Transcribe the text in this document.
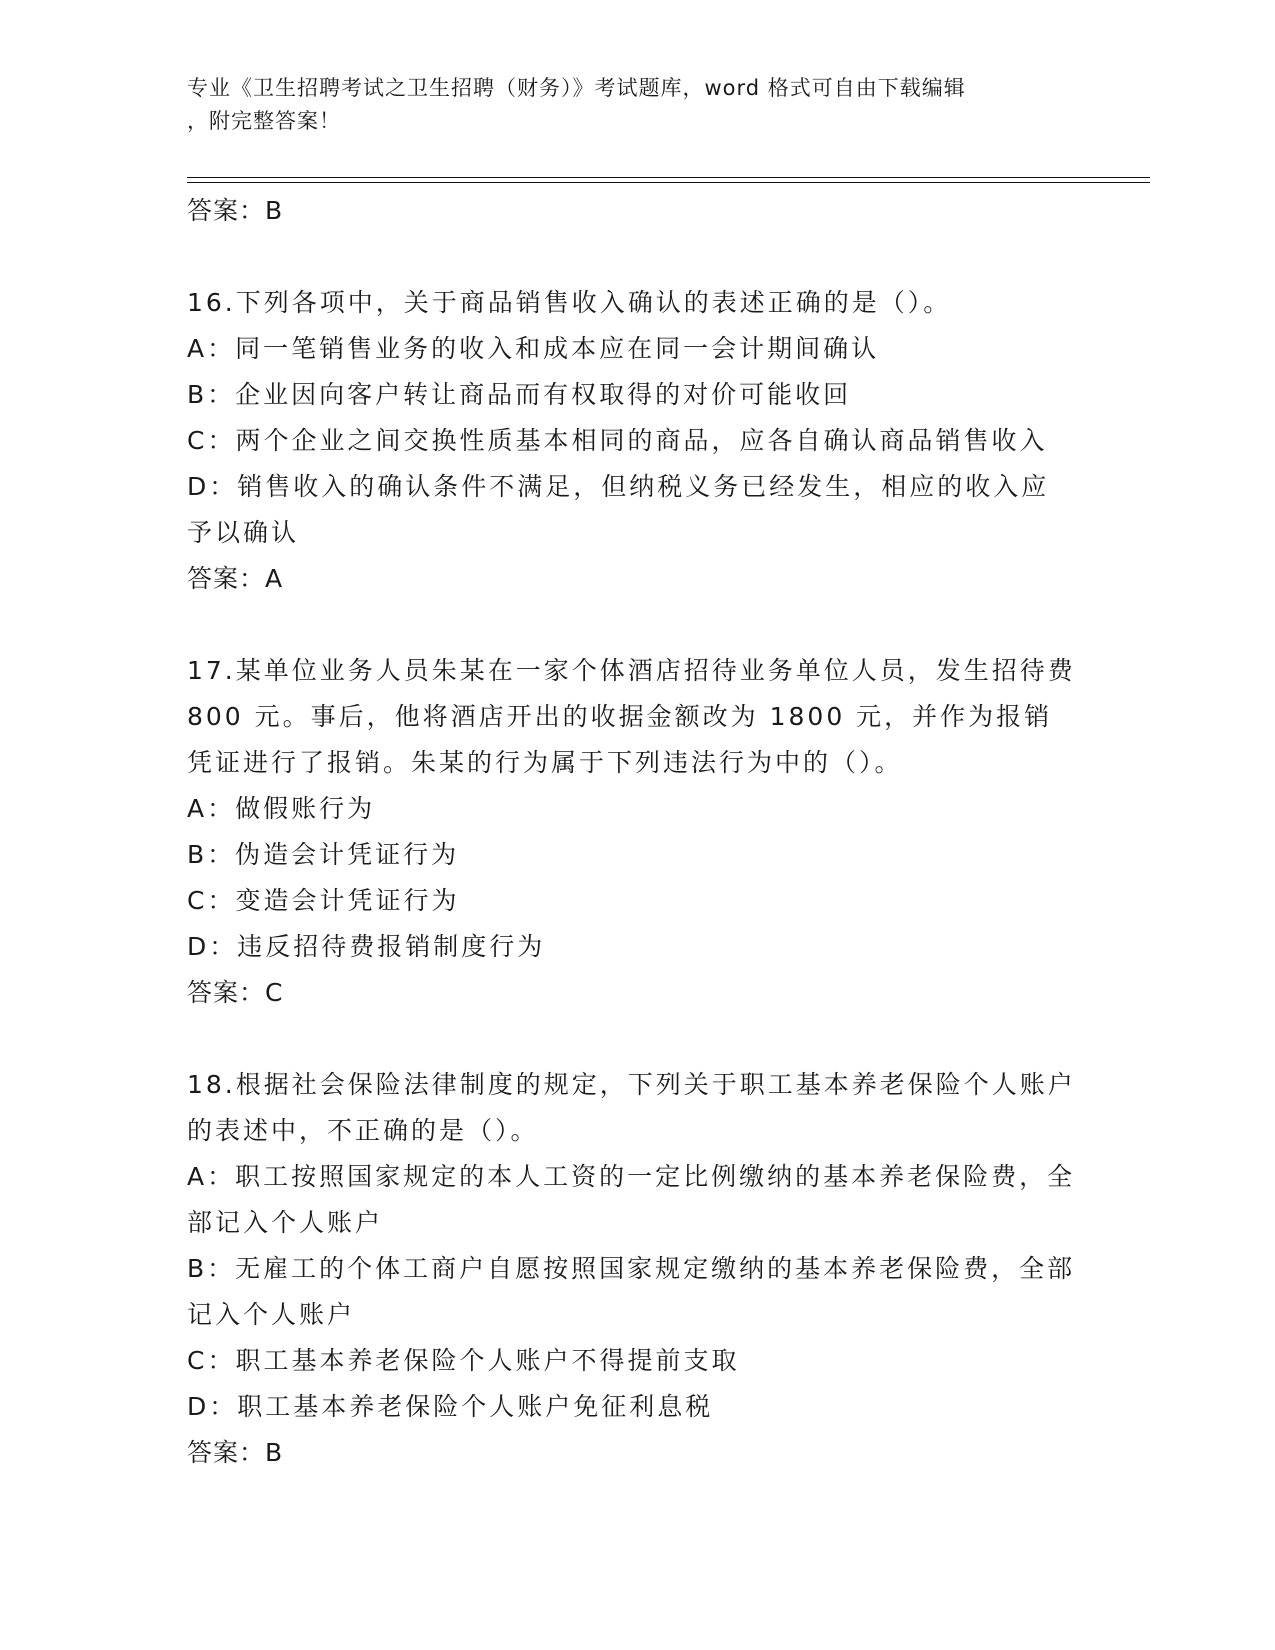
专业《卫生招聘考试之卫生招聘（财务）》考试题库，word 格式可自由下载编辑
，附完整答案！
答案：B
16.下列各项中，关于商品销售收入确认的表述正确的是（）。
A：同一笔销售业务的收入和成本应在同一会计期间确认
B：企业因向客户转让商品而有权取得的对价可能收回
C：两个企业之间交换性质基本相同的商品，应各自确认商品销售收入
D：销售收入的确认条件不满足，但纳税义务已经发生，相应的收入应予以确认
答案：A
17.某单位业务人员朱某在一家个体酒店招待业务单位人员，发生招待费 800 元。事后，他将酒店开出的收据金额改为 1800 元，并作为报销凭证进行了报销。朱某的行为属于下列违法行为中的（）。
A：做假账行为
B：伪造会计凭证行为
C：变造会计凭证行为
D：违反招待费报销制度行为
答案：C
18.根据社会保险法律制度的规定，下列关于职工基本养老保险个人账户的表述中，不正确的是（）。
A：职工按照国家规定的本人工资的一定比例缴纳的基本养老保险费，全部记入个人账户
B：无雇工的个体工商户自愿按照国家规定缴纳的基本养老保险费，全部记入个人账户
C：职工基本养老保险个人账户不得提前支取
D：职工基本养老保险个人账户免征利息税
答案：B
